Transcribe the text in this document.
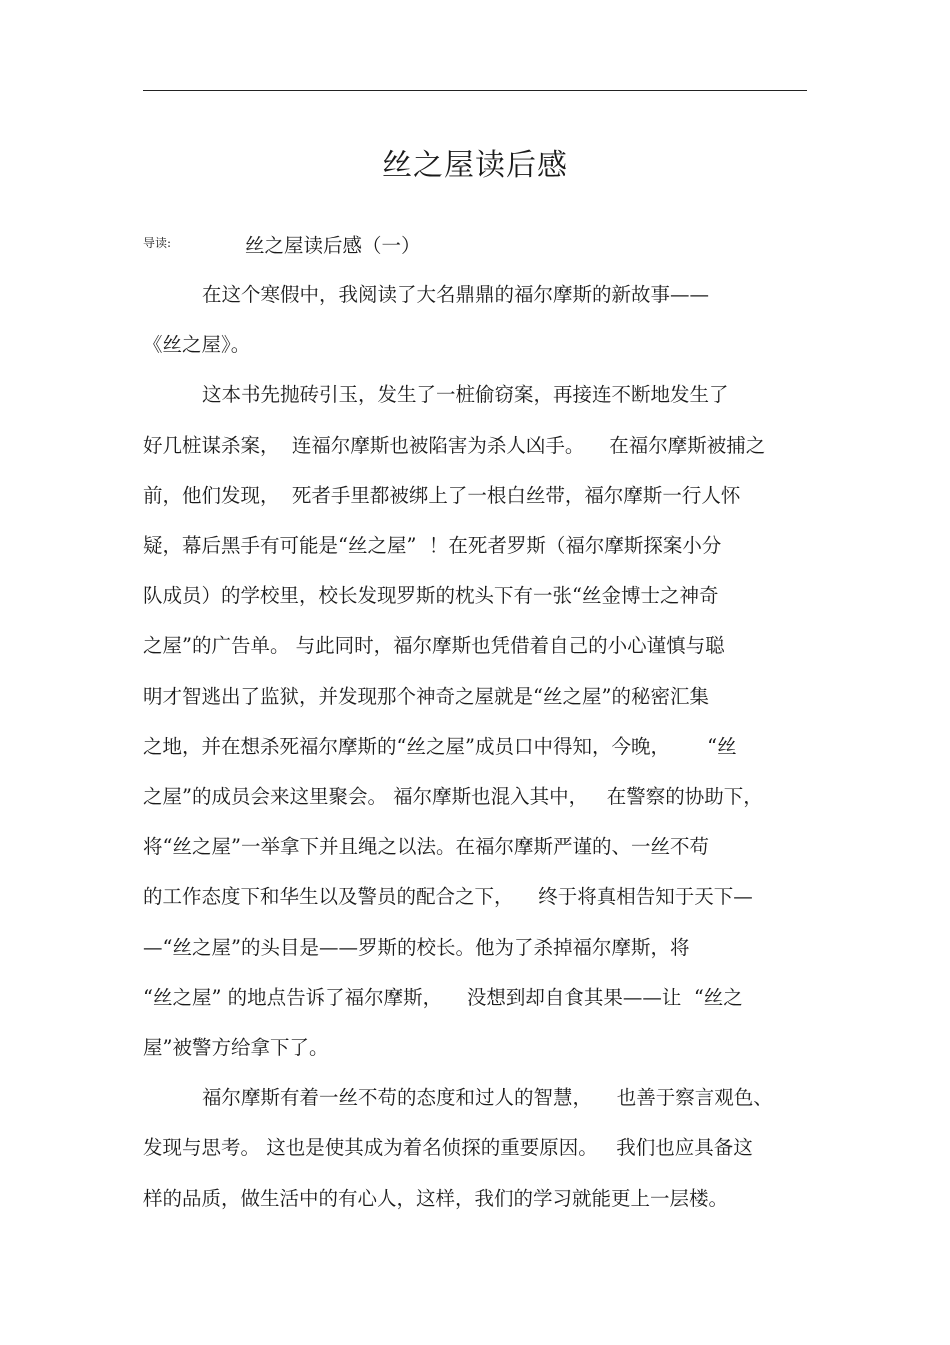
丝之屋读后感
导读:	丝之屋读后感（一）
在这个寒假中，我阅读了大名鼎鼎的福尔摩斯的新故事——
《丝之屋》。
这本书先抛砖引玉，发生了一桩偷窃案，再接连不断地发生了
好几桩谋杀案，  连福尔摩斯也被陷害为杀人凶手。    在福尔摩斯被捕之
前，他们发现，  死者手里都被绑上了一根白丝带，福尔摩斯一行人怀
疑，幕后黑手有可能是“丝之屋”  ！在死者罗斯（福尔摩斯探案小分
队成员）的学校里，校长发现罗斯的枕头下有一张“丝金博士之神奇
之屋”的广告单。 与此同时，福尔摩斯也凭借着自己的小心谨慎与聪
明才智逃出了监狱，并发现那个神奇之屋就是“丝之屋”的秘密汇集
之地，并在想杀死福尔摩斯的“丝之屋”成员口中得知，今晚，      “丝
之屋”的成员会来这里聚会。 福尔摩斯也混入其中，   在警察的协助下，
将“丝之屋”一举拿下并且绳之以法。在福尔摩斯严谨的、一丝不苟
的工作态度下和华生以及警员的配合之下，    终于将真相告知于天下—
—“丝之屋”的头目是——罗斯的校长。他为了杀掉福尔摩斯，将
“丝之屋” 的地点告诉了福尔摩斯，    没想到却自食其果——让  “丝之
屋”被警方给拿下了。
福尔摩斯有着一丝不苟的态度和过人的智慧，    也善于察言观色、
发现与思考。 这也是使其成为着名侦探的重要原因。   我们也应具备这
样的品质，做生活中的有心人，这样，我们的学习就能更上一层楼。
